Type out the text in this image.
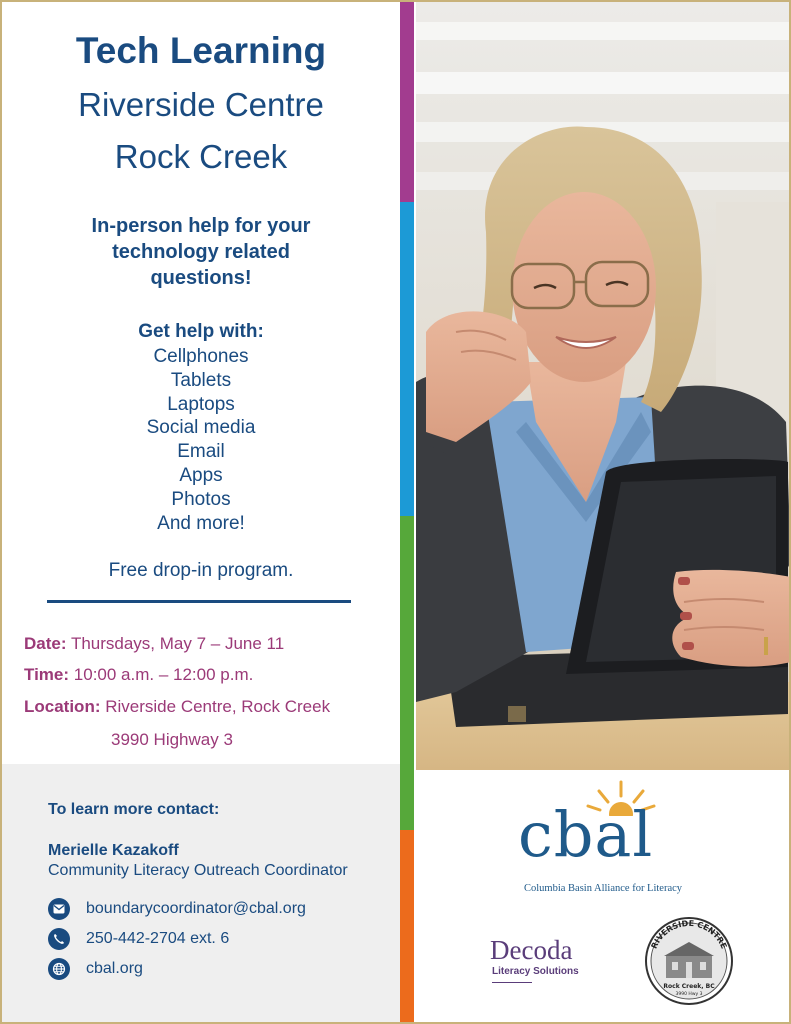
Tech Learning
Riverside Centre
Rock Creek
In-person help for your
technology related
questions!
Get help with:
Cellphones
Tablets
Laptops
Social media
Email
Apps
Photos
And more!
Free drop-in program.
Date: Thursdays, May 7 – June 11
Time: 10:00 a.m. – 12:00 p.m.
Location: Riverside Centre, Rock Creek
3990 Highway 3
To learn more contact:
Merielle Kazakoff
Community Literacy Outreach Coordinator
boundarycoordinator@cbal.org
250-442-2704 ext. 6
cbal.org
cbal
Columbia Basin Alliance for Literacy
Decoda
Literacy Solutions
RIVERSIDE CENTRE
Rock Creek, BC
3990 Hwy 3
